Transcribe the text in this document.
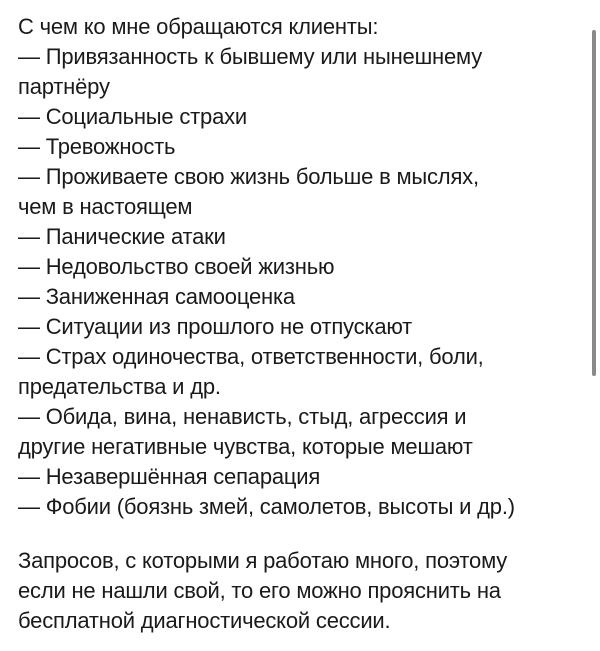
С чем ко мне обращаются клиенты:
— Привязанность к бывшему или нынешнему
партнёру
— Социальные страхи
— Тревожность
— Проживаете свою жизнь больше в мыслях,
чем в настоящем
— Панические атаки
— Недовольство своей жизнью
— Заниженная самооценка
— Ситуации из прошлого не отпускают
— Страх одиночества, ответственности, боли,
предательства и др.
— Обида, вина, ненависть, стыд, агрессия и
другие негативные чувства, которые мешают
— Незавершённая сепарация
— Фобии (боязнь змей, самолетов, высоты и др.)

Запросов, с которыми я работаю много, поэтому
если не нашли свой, то его можно прояснить на
бесплатной диагностической сессии.
